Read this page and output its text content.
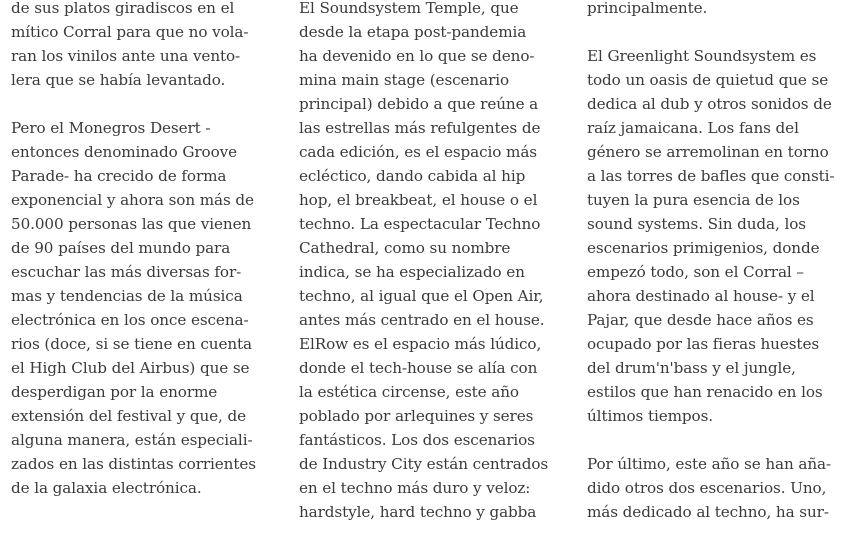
de sus platos giradiscos en el
mítico Corral para que no vola-
ran los vinilos ante una vento-
lera que se había levantado.
Pero el Monegros Desert -
entonces denominado Groove
Parade- ha crecido de forma
exponencial y ahora son más de
50.000 personas las que vienen
de 90 países del mundo para
escuchar las más diversas for-
mas y tendencias de la música
electrónica en los once escena-
rios (doce, si se tiene en cuenta
el High Club del Airbus) que se
desperdigan por la enorme
extensión del festival y que, de
alguna manera, están especiali-
zados en las distintas corrientes
de la galaxia electrónica.
El Soundsystem Temple, que
desde la etapa post-pandemia
ha devenido en lo que se deno-
mina main stage (escenario
principal) debido a que reúne a
las estrellas más refulgentes de
cada edición, es el espacio más
ecléctico, dando cabida al hip
hop, el breakbeat, el house o el
techno. La espectacular Techno
Cathedral, como su nombre
indica, se ha especializado en
techno, al igual que el Open Air,
antes más centrado en el house.
ElRow es el espacio más lúdico,
donde el tech-house se alía con
la estética circense, este año
poblado por arlequines y seres
fantásticos. Los dos escenarios
de Industry City están centrados
en el techno más duro y veloz:
hardstyle, hard techno y gabba
principalmente.
El Greenlight Soundsystem es
todo un oasis de quietud que se
dedica al dub y otros sonidos de
raíz jamaicana. Los fans del
género se arremolinan en torno
a las torres de bafles que consti-
tuyen la pura esencia de los
sound systems. Sin duda, los
escenarios primigenios, donde
empezó todo, son el Corral –
ahora destinado al house- y el
Pajar, que desde hace años es
ocupado por las fieras huestes
del drum'n'bass y el jungle,
estilos que han renacido en los
últimos tiempos.
Por último, este año se han aña-
dido otros dos escenarios. Uno,
más dedicado al techno, ha sur-
